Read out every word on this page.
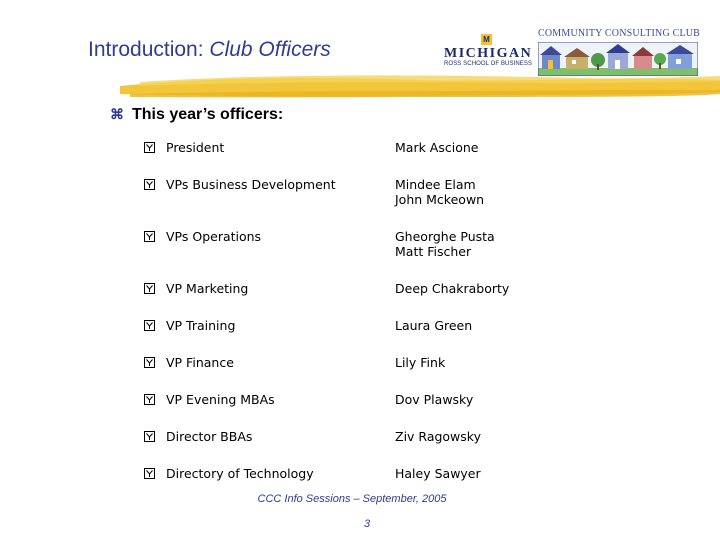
COMMUNITY CONSULTING CLUB
Introduction: Club Officers	M
MICHIGAN
ROSS SCHOOL OF BUSINESS
⌘ This year’s officers:
President	Mark Ascione
VPs Business Development	Mindee Elam
John Mckeown
VPs Operations	Gheorghe Pusta
Matt Fischer
VP Marketing	Deep Chakraborty
VP Training	Laura Green
VP Finance	Lily Fink
VP Evening MBAs	Dov Plawsky
Director BBAs	Ziv Ragowsky
Directory of Technology	Haley Sawyer
CCC Info Sessions – September, 2005
3
